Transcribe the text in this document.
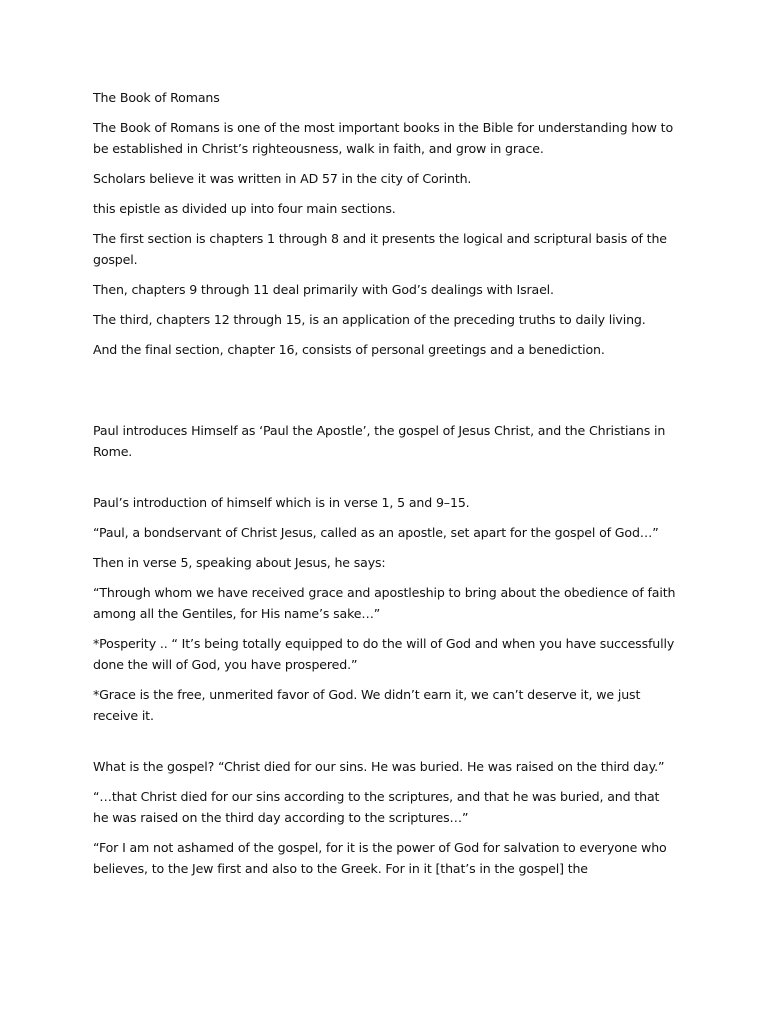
The Book of Romans

The Book of Romans is one of the most important books in the Bible for understanding how to be established in Christ’s righteousness, walk in faith, and grow in grace.

Scholars believe it was written in AD 57 in the city of Corinth.

this epistle as divided up into four main sections.

The first section is chapters 1 through 8 and it presents the logical and scriptural basis of the gospel.

Then, chapters 9 through 11 deal primarily with God’s dealings with Israel.

The third, chapters 12 through 15, is an application of the preceding truths to daily living.

And the final section, chapter 16, consists of personal greetings and a benediction.

Paul introduces Himself as ‘Paul the Apostle’, the gospel of Jesus Christ, and the Christians in Rome.

Paul’s introduction of himself which is in verse 1, 5 and 9–15.

“Paul, a bondservant of Christ Jesus, called as an apostle, set apart for the gospel of God…”

Then in verse 5, speaking about Jesus, he says:

“Through whom we have received grace and apostleship to bring about the obedience of faith among all the Gentiles, for His name’s sake…”

*Posperity .. “ It’s being totally equipped to do the will of God and when you have successfully done the will of God, you have prospered.”

*Grace is the free, unmerited favor of God. We didn’t earn it, we can’t deserve it, we just receive it.

What is the gospel? “Christ died for our sins. He was buried. He was raised on the third day.”

“…that Christ died for our sins according to the scriptures, and that he was buried, and that he was raised on the third day according to the scriptures…”

“For I am not ashamed of the gospel, for it is the power of God for salvation to everyone who believes, to the Jew first and also to the Greek. For in it [that’s in the gospel] the
